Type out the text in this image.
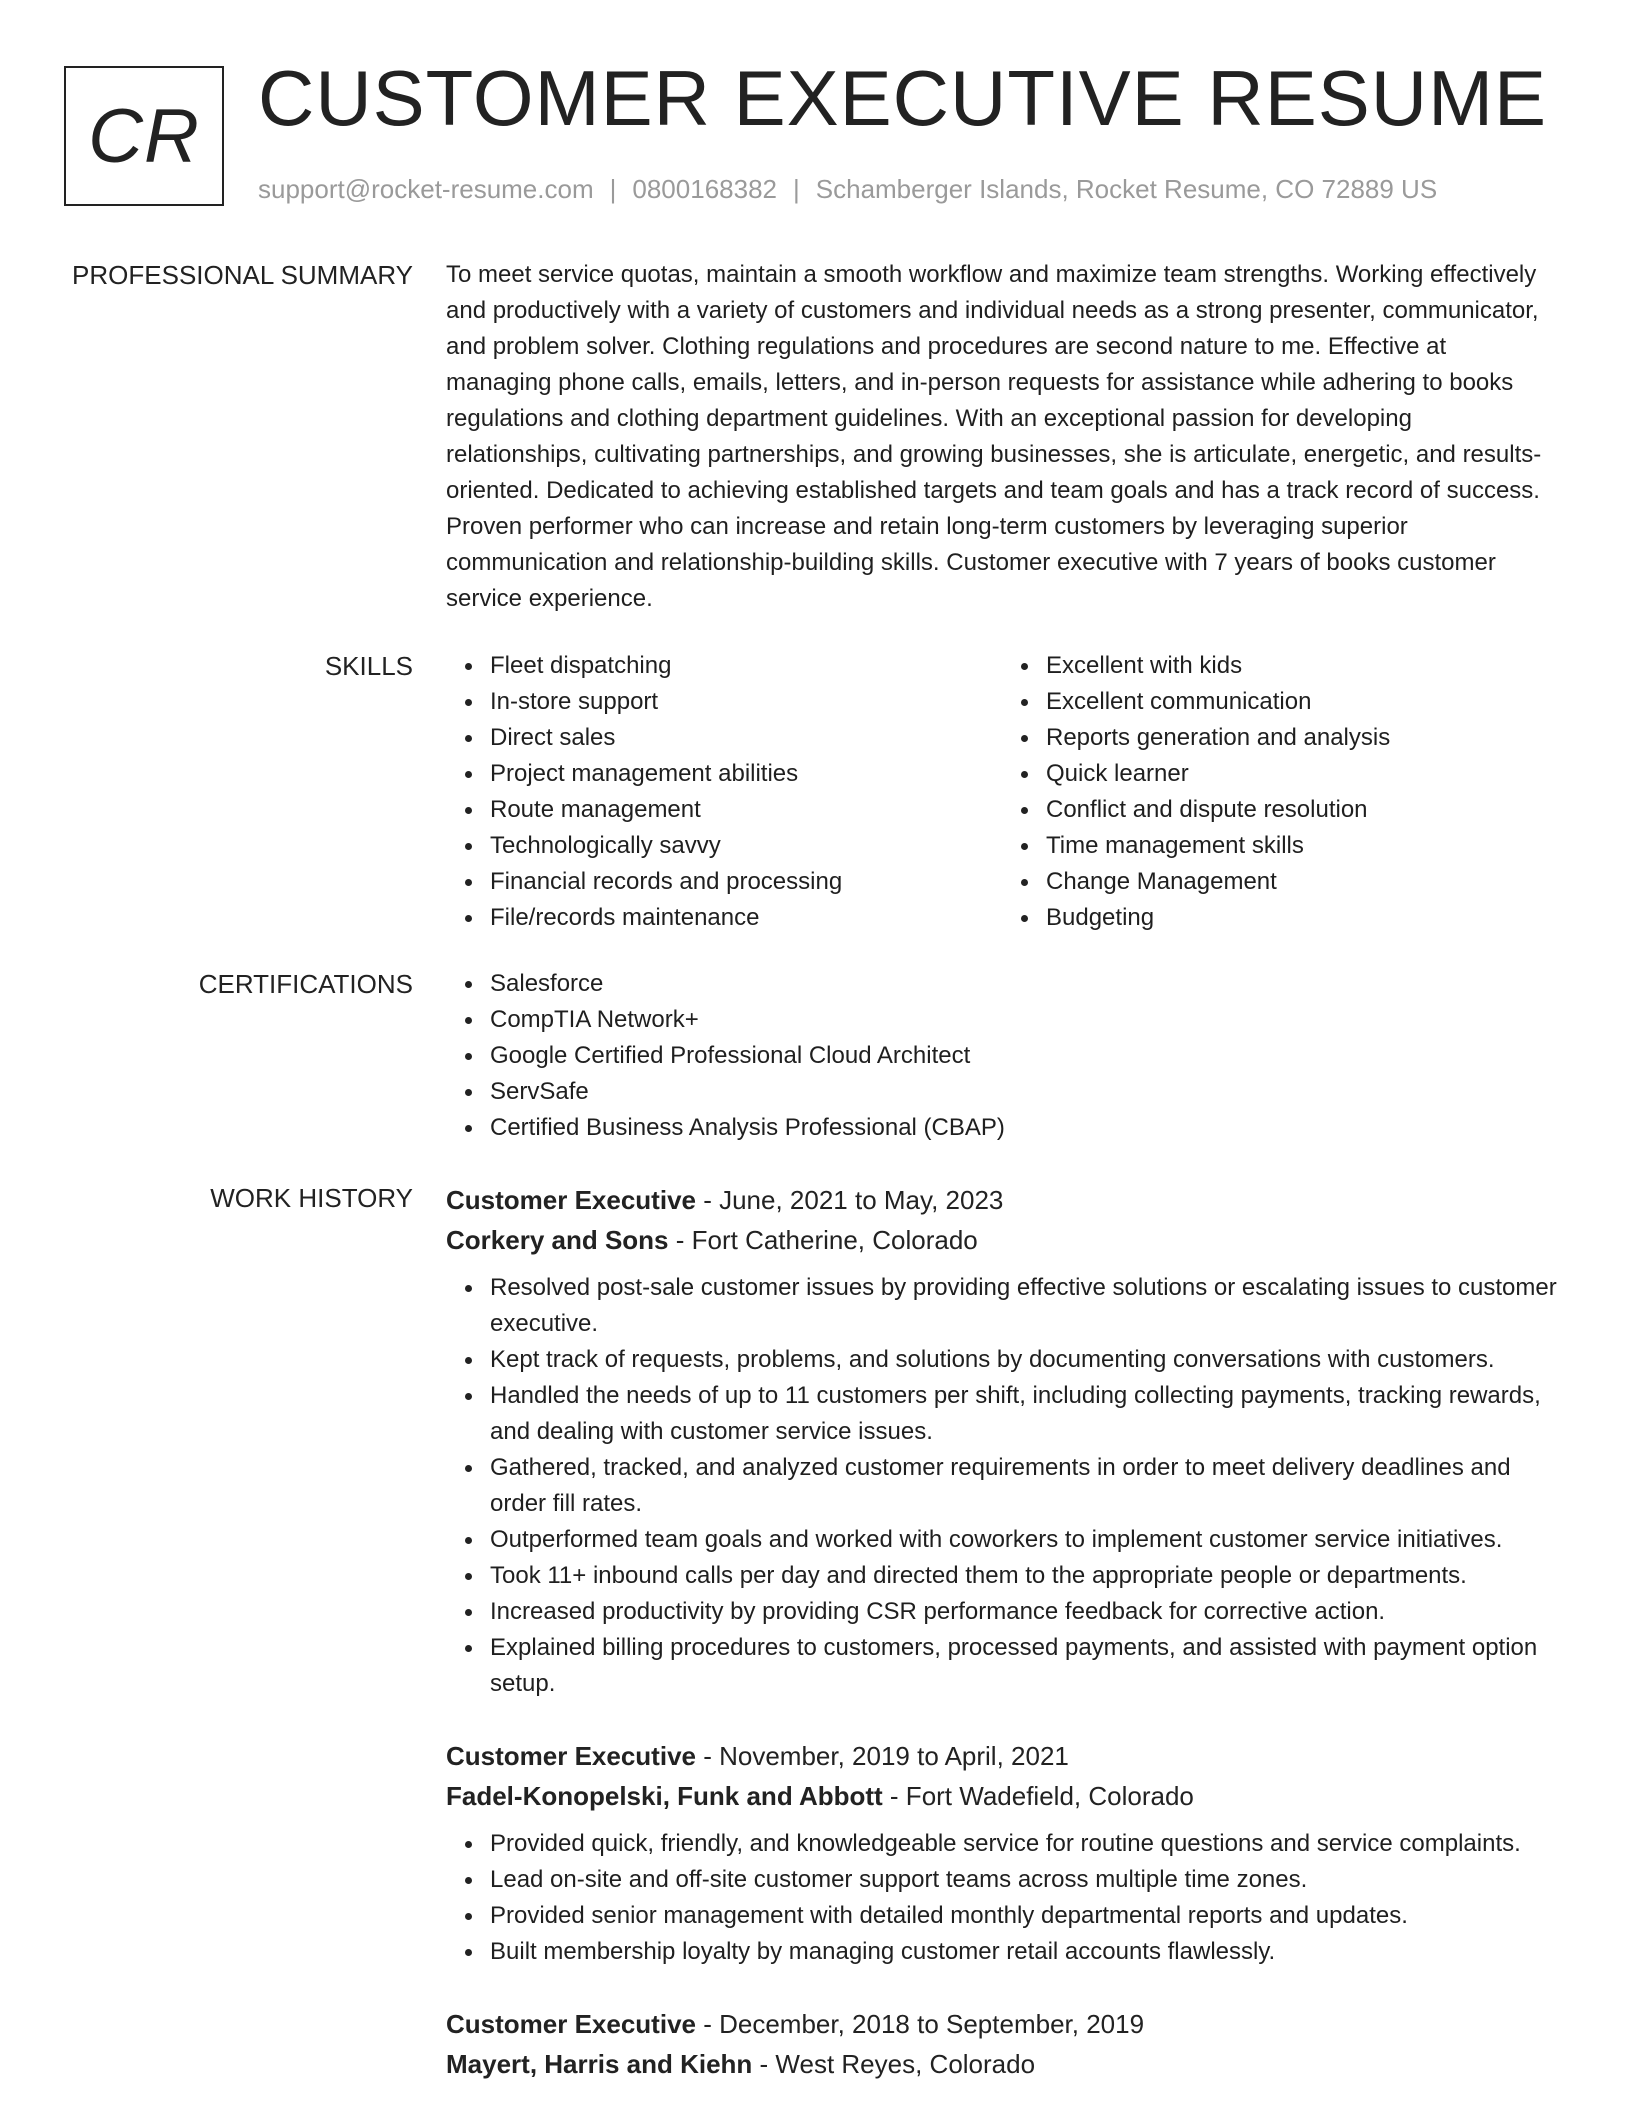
CR CUSTOMER EXECUTIVE RESUME
support@rocket-resume.com | 0800168382 | Schamberger Islands, Rocket Resume, CO 72889 US
PROFESSIONAL SUMMARY To meet service quotas, maintain a smooth workflow and maximize team strengths. Working effectively and productively with a variety of customers and individual needs as a strong presenter, communicator, and problem solver. Clothing regulations and procedures are second nature to me. Effective at managing phone calls, emails, letters, and in-person requests for assistance while adhering to books regulations and clothing department guidelines. With an exceptional passion for developing relationships, cultivating partnerships, and growing businesses, she is articulate, energetic, and results-oriented. Dedicated to achieving established targets and team goals and has a track record of success. Proven performer who can increase and retain long-term customers by leveraging superior communication and relationship-building skills. Customer executive with 7 years of books customer service experience.

SKILLS	Fleet dispatching
In-store support
Direct sales
Project management abilities
Route management
Technologically savvy
Financial records and processing
File/records maintenance
Excellent with kids
Excellent communication
Reports generation and analysis
Quick learner
Conflict and dispute resolution
Time management skills
Change Management
Budgeting
CERTIFICATIONS	Salesforce
CompTIA Network+
Google Certified Professional Cloud Architect
ServSafe
Certified Business Analysis Professional (CBAP)
WORK HISTORY Customer Executive - June, 2021 to May, 2023
Corkery and Sons - Fort Catherine, Colorado
Resolved post-sale customer issues by providing effective solutions or escalating issues to customer executive.
Kept track of requests, problems, and solutions by documenting conversations with customers.
Handled the needs of up to 11 customers per shift, including collecting payments, tracking rewards, and dealing with customer service issues.
Gathered, tracked, and analyzed customer requirements in order to meet delivery deadlines and order fill rates.
Outperformed team goals and worked with coworkers to implement customer service initiatives.
Took 11+ inbound calls per day and directed them to the appropriate people or departments.
Increased productivity by providing CSR performance feedback for corrective action.
Explained billing procedures to customers, processed payments, and assisted with payment option setup.
Customer Executive - November, 2019 to April, 2021
Fadel-Konopelski, Funk and Abbott - Fort Wadefield, Colorado
Provided quick, friendly, and knowledgeable service for routine questions and service complaints.
Lead on-site and off-site customer support teams across multiple time zones.
Provided senior management with detailed monthly departmental reports and updates.
Built membership loyalty by managing customer retail accounts flawlessly.
Customer Executive - December, 2018 to September, 2019
Mayert, Harris and Kiehn - West Reyes, Colorado
